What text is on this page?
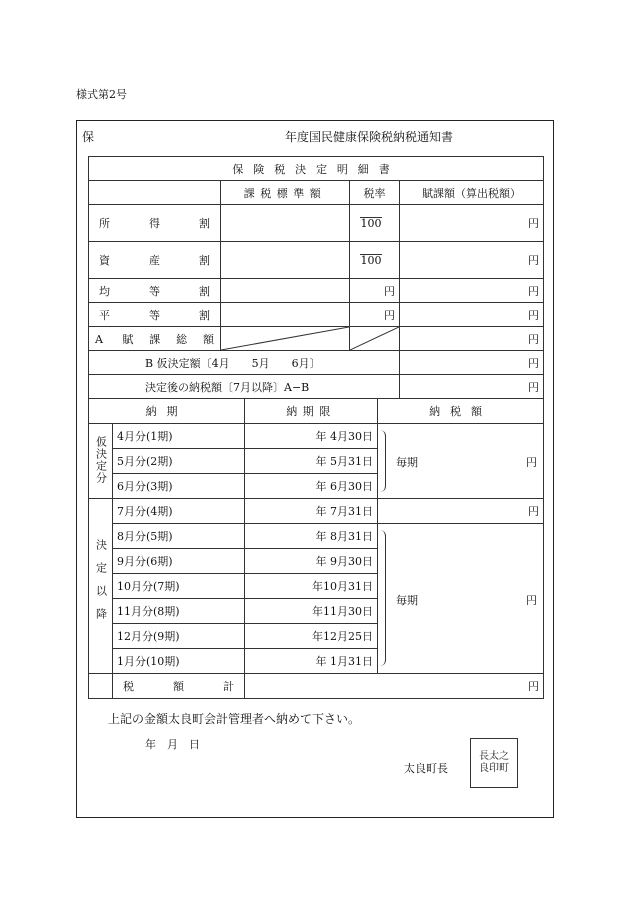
様式第2号
保	年度国民健康保険税納税通知書
保険税決定明細書						
		課税標準額		税率		賦課額（算出税額）
所得割				100		円
資産割				100		円
均等割				円		円
平等割				円		円
A 賦課総額						円
B 仮決定額〔4月　　5月　　6月〕						円
決定後の納税額〔7月以降〕A−B						円
納期			納期限		納税額	
仮決定分	4月分(1期)		年 4月30日		毎期 円	

	5月分(2期)		年 5月31日			
	6月分(3期)		年 6月30日			
決定以降	7月分(4期)		年 7月31日		円	
	8月分(5期)		年 8月31日		毎期 円	

	9月分(6期)		年 9月30日			
	10月分(7期)		年10月31日			
	11月分(8期)		年11月30日			
	12月分(9期)		年12月25日			
	1月分(10期)		年 1月31日			
	税額計		円			
上記の金額太良町会計管理者へ納めて下さい。
年　月　日
太良町長
長太之良印町
